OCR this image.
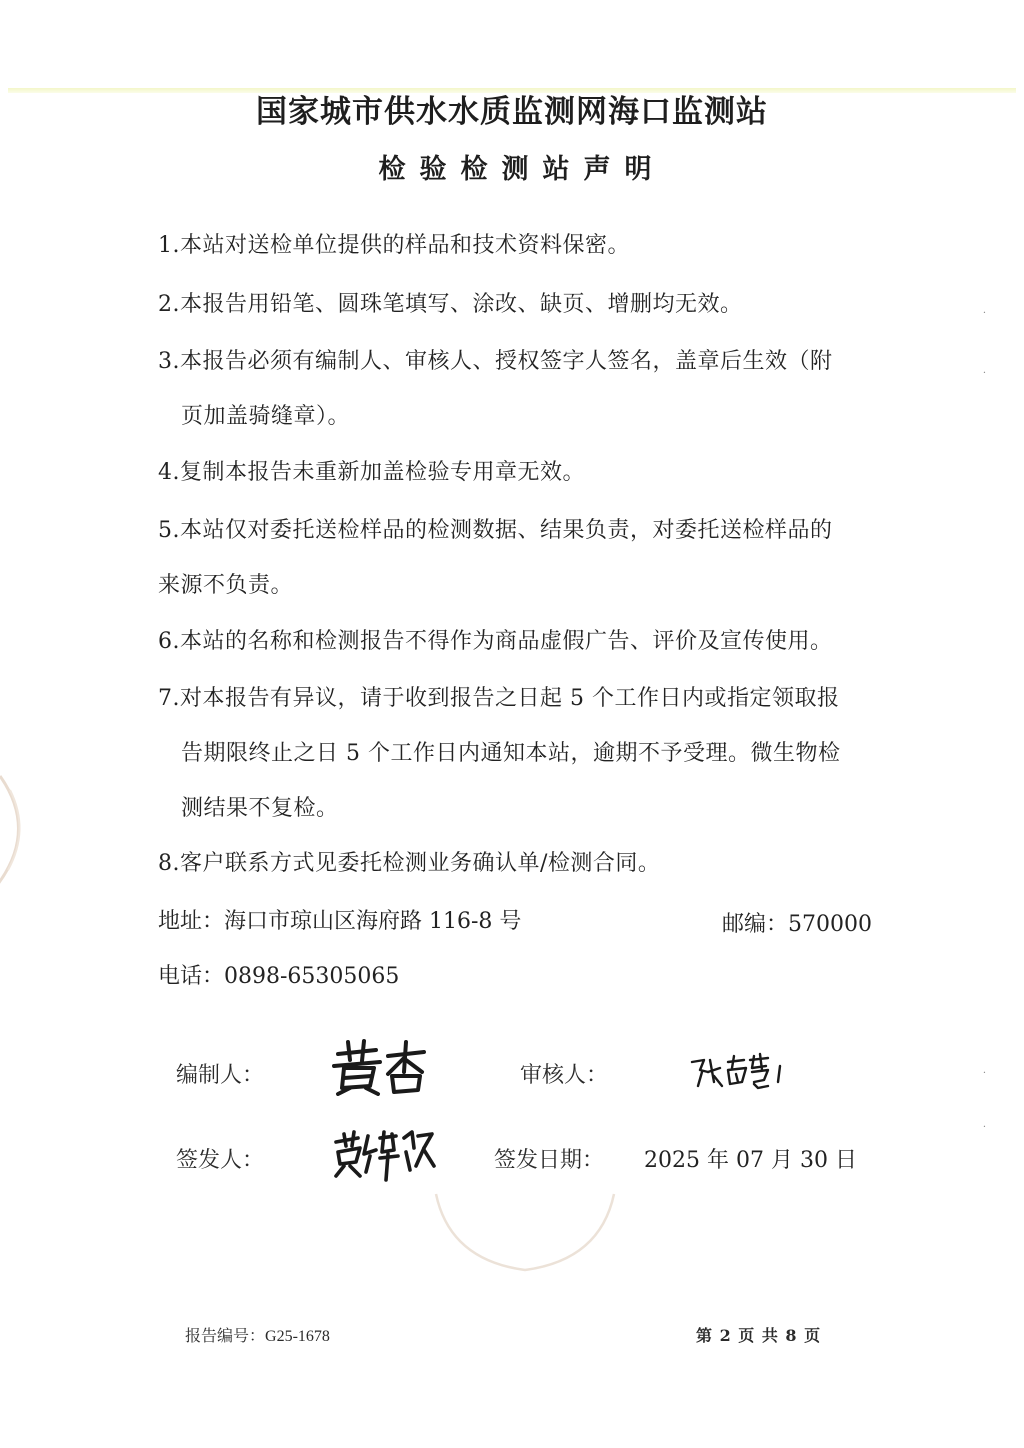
国家城市供水水质监测网海口监测站
检验检测站声明
1.本站对送检单位提供的样品和技术资料保密。
2.本报告用铅笔、圆珠笔填写、涂改、缺页、增删均无效。
3.本报告必须有编制人、审核人、授权签字人签名，盖章后生效（附
页加盖骑缝章）。
4.复制本报告未重新加盖检验专用章无效。
5.本站仅对委托送检样品的检测数据、结果负责，对委托送检样品的
来源不负责。
6.本站的名称和检测报告不得作为商品虚假广告、评价及宣传使用。
7.对本报告有异议，请于收到报告之日起 5 个工作日内或指定领取报
告期限终止之日 5 个工作日内通知本站，逾期不予受理。微生物检
测结果不复检。
8.客户联系方式见委托检测业务确认单/检测合同。
地址：海口市琼山区海府路 116-8 号	邮编：570000
电话：0898-65305065
编制人：	审核人：
签发人：	签发日期： 2025 年 07 月 30 日
报告编号：G25-1678	第 2 页 共 8 页
·
·
·
·
